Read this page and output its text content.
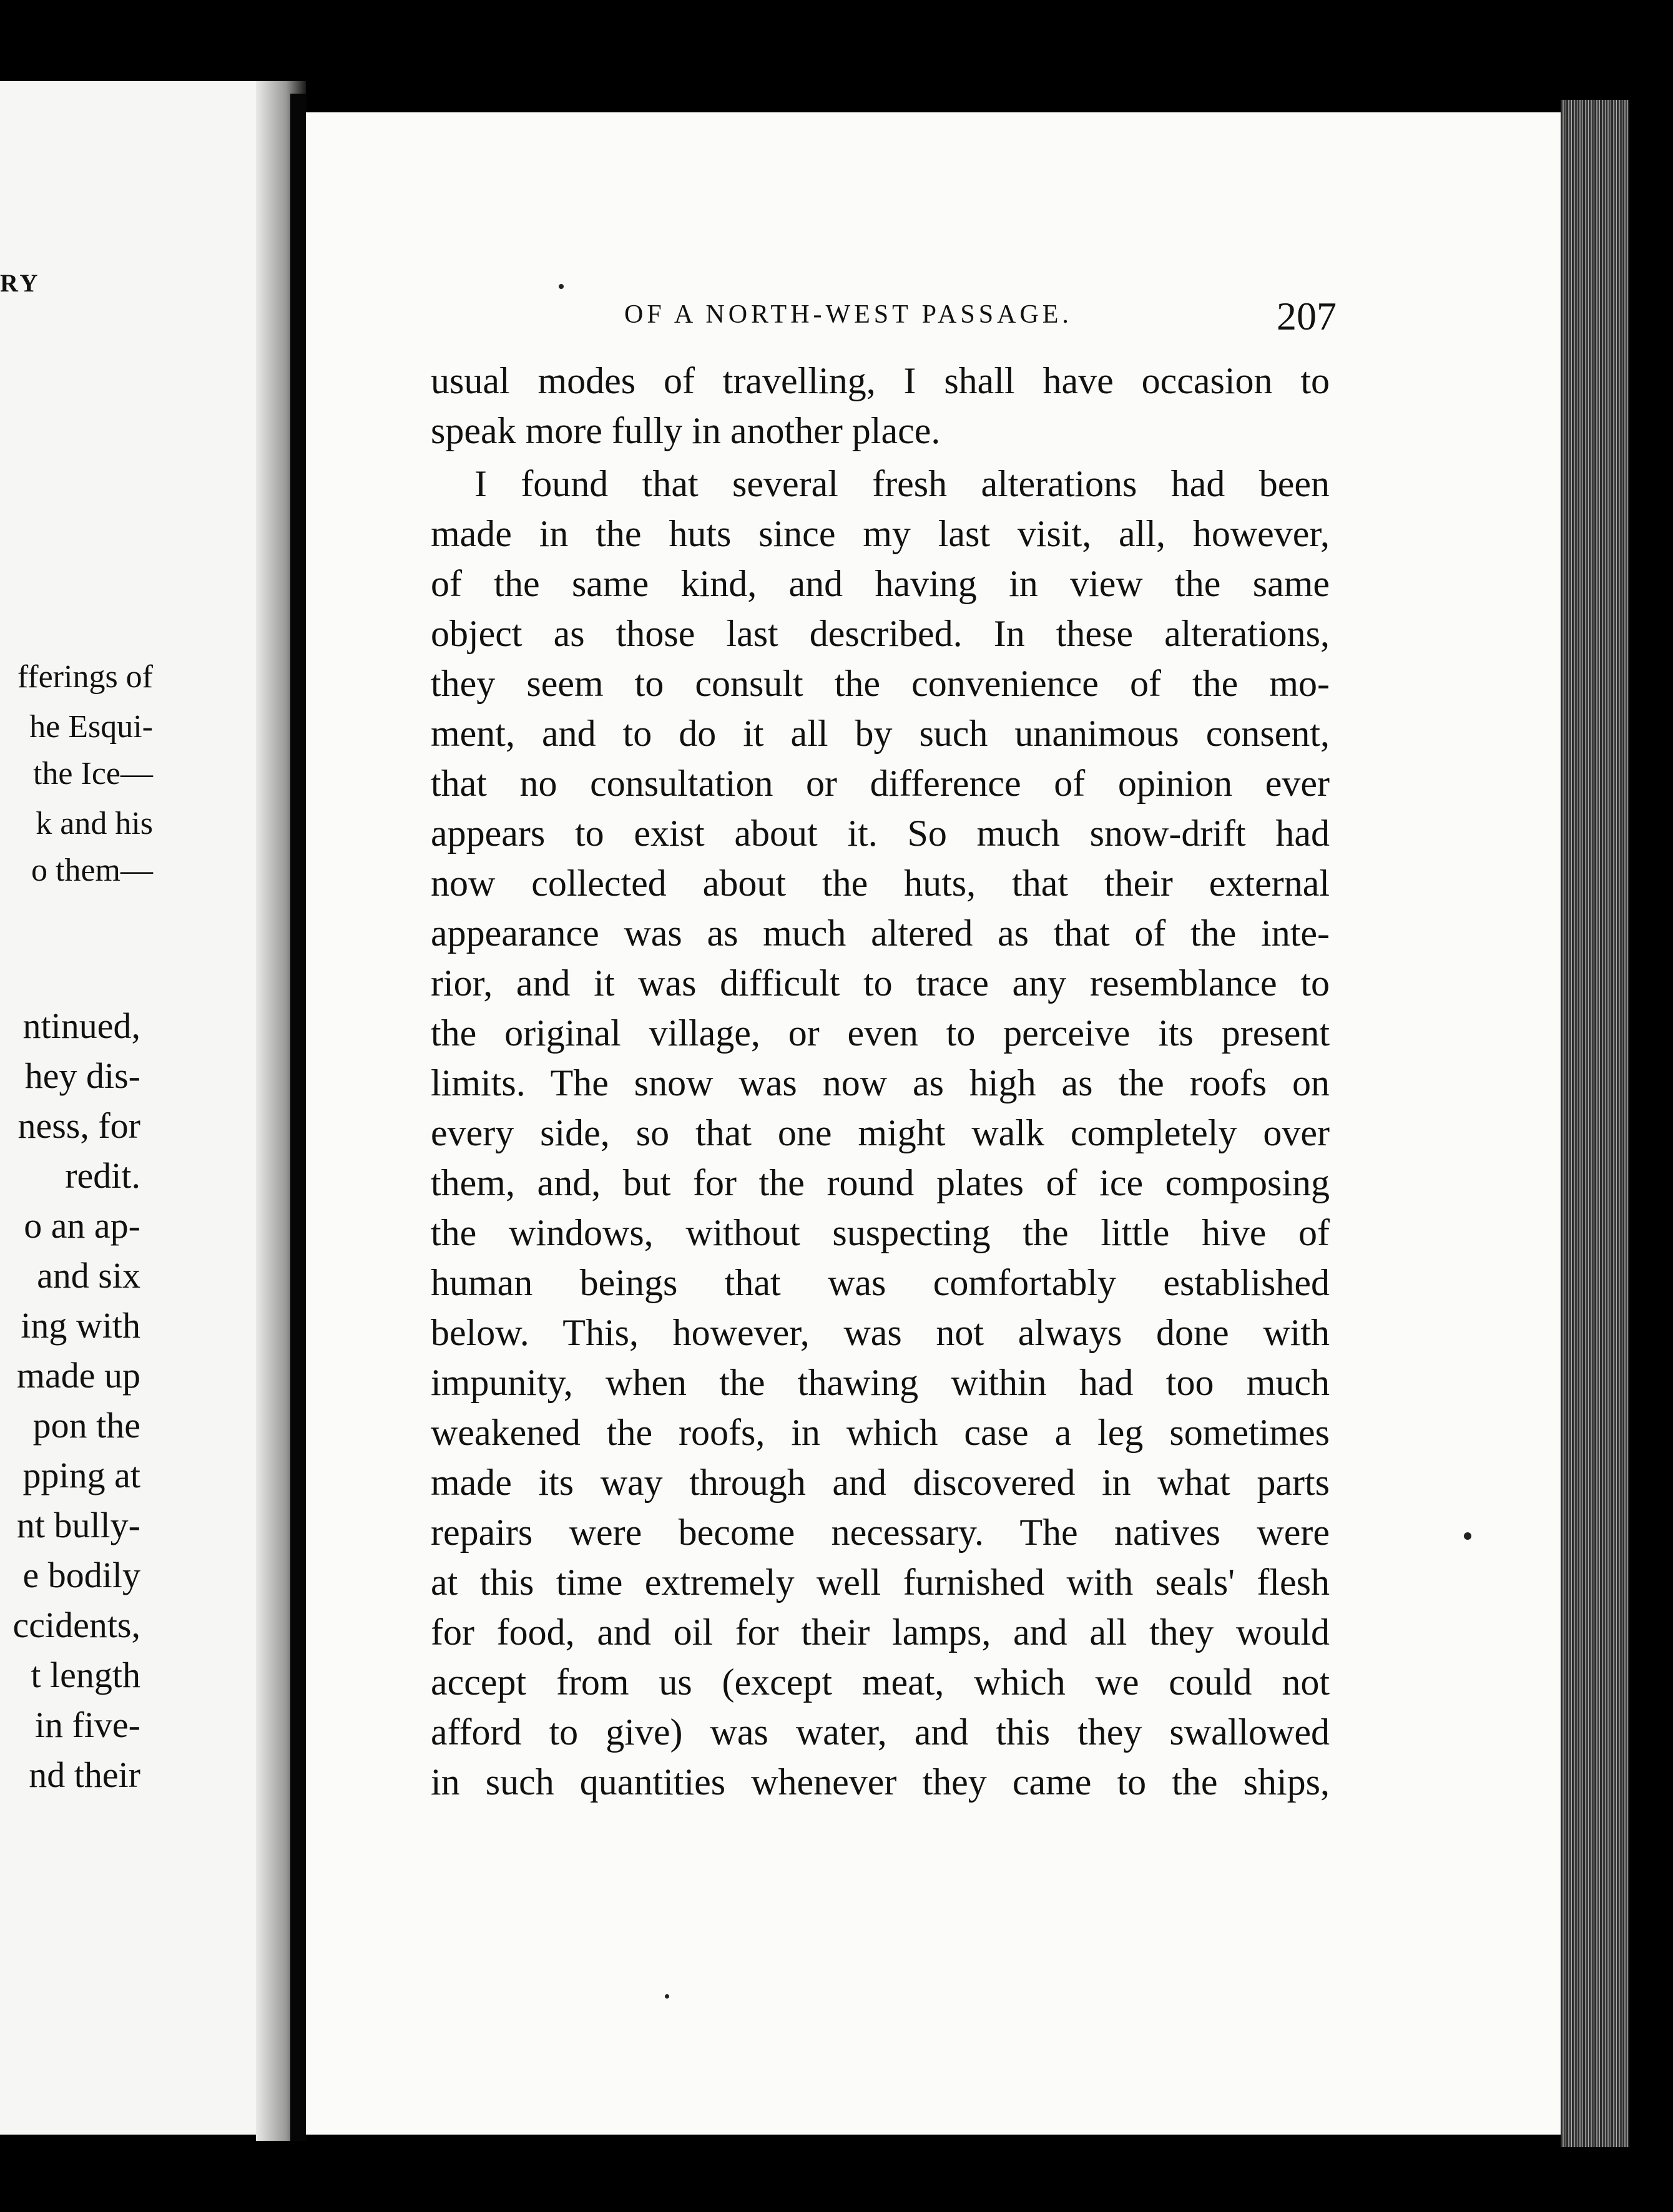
RY
fferings of
he Esqui-
the Ice—
k and his
o them—
ntinued,
hey dis-
ness, for
redit.
o an ap-
and six
ing with
made up
pon the
pping at
nt bully-
e bodily
ccidents,
t length
in five-
nd their
OF A NORTH-WEST PASSAGE.	207
usual modes of travelling, I shall have occasion to
speak more fully in another place.
I found that several fresh alterations had been
made in the huts since my last visit, all, however,
of the same kind, and having in view the same
object as those last described. In these alterations,
they seem to consult the convenience of the mo-
ment, and to do it all by such unanimous consent,
that no consultation or difference of opinion ever
appears to exist about it. So much snow-drift had
now collected about the huts, that their external
appearance was as much altered as that of the inte-
rior, and it was difficult to trace any resemblance to
the original village, or even to perceive its present
limits. The snow was now as high as the roofs on
every side, so that one might walk completely over
them, and, but for the round plates of ice composing
the windows, without suspecting the little hive of
human beings that was comfortably established
below. This, however, was not always done with
impunity, when the thawing within had too much
weakened the roofs, in which case a leg sometimes
made its way through and discovered in what parts
repairs were become necessary. The natives were
at this time extremely well furnished with seals' flesh
for food, and oil for their lamps, and all they would
accept from us (except meat, which we could not
afford to give) was water, and this they swallowed
in such quantities whenever they came to the ships,
